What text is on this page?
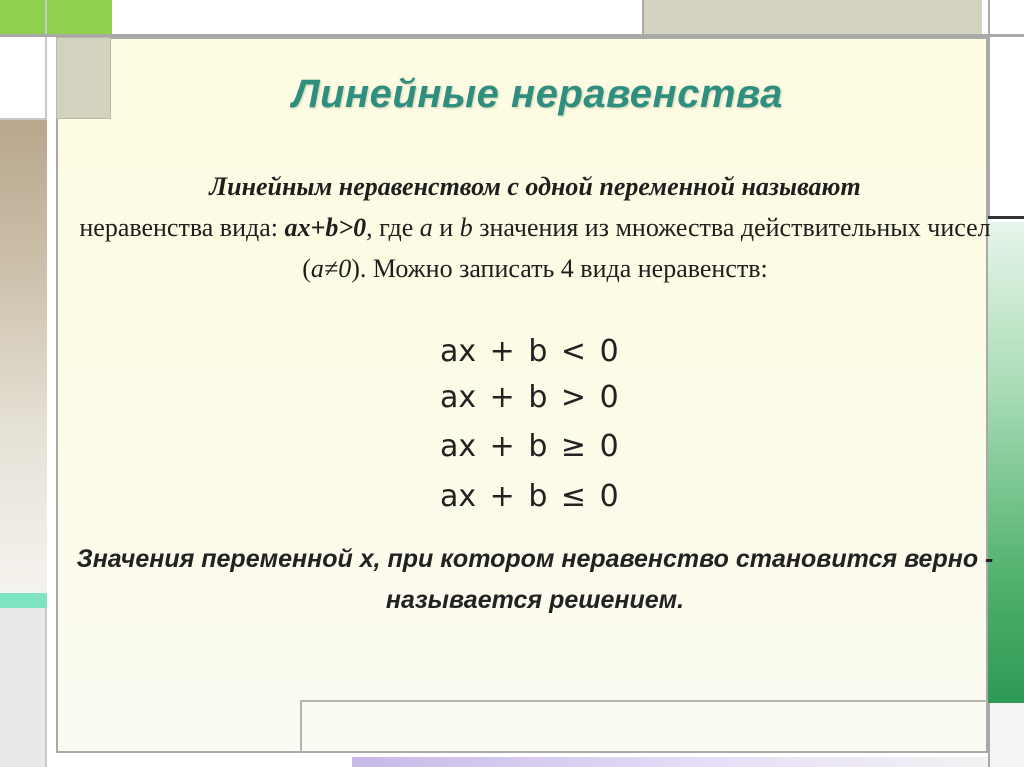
Линейные неравенства
Линейным неравенством с одной переменной называют
неравенства вида: ax+b>0, где a и b значения из множества действительных чисел (a≠0). Можно записать 4 вида неравенств:
ax + b < 0
ax + b > 0
ax + b ≥ 0
ax + b ≤ 0
Значения переменной х, при котором неравенство становится верно - называется решением.
